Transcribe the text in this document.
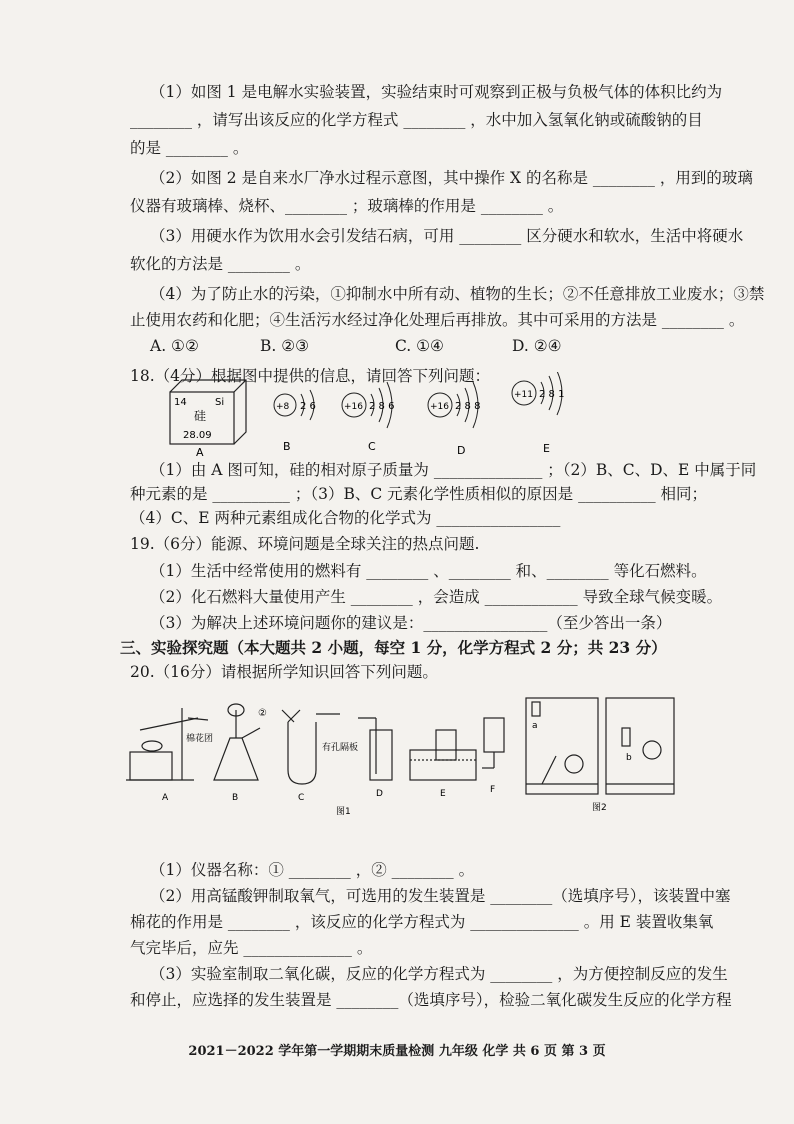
（1）如图 1 是电解水实验装置，实验结束时可观察到正极与负极气体的体积比约为
________ ，请写出该反应的化学方程式 ________ ，水中加入氢氧化钠或硫酸钠的目
的是 ________ 。
（2）如图 2 是自来水厂净水过程示意图，其中操作 X 的名称是 ________ ，用到的玻璃
仪器有玻璃棒、烧杯、________ ；玻璃棒的作用是 ________ 。
（3）用硬水作为饮用水会引发结石病，可用 ________ 区分硬水和软水，生活中将硬水
软化的方法是 ________ 。
（4）为了防止水的污染，①抑制水中所有动、植物的生长；②不任意排放工业废水；③禁
止使用农药和化肥；④生活污水经过净化处理后再排放。其中可采用的方法是 ________ 。
A. ①②	B. ②③	C. ①④	D. ②④
18.（4分）根据图中提供的信息，请回答下列问题：
14	Si
硅
28.09
+8 2 6	+16 2 8 6	+16 2 8 8
+11 2 8 1
A	B	C	D	E
（1）由 A 图可知，硅的相对原子质量为 ______________ ；（2）B、C、D、E 中属于同
种元素的是 __________ ；（3）B、C 元素化学性质相似的原因是 __________ 相同；
（4）C、E 两种元素组成化合物的化学式为 ________________
19.（6分）能源、环境问题是全球关注的热点问题.
（1）生活中经常使用的燃料有 ________ 、________ 和、________ 等化石燃料。
（2）化石燃料大量使用产生 ________ ，会造成 ____________ 导致全球气候变暖。
（3）为解决上述环境问题你的建议是：________________（至少答出一条）
三、实验探究题（本大题共 2 小题，每空 1 分，化学方程式 2 分；共 23 分）
20.（16分）请根据所学知识回答下列问题。
棉花团
A
②
B
有孔隔板
C	D	E	F
图1
a
b
图2
（1）仪器名称：① ________ ，② ________ 。
（2）用高锰酸钾制取氧气，可选用的发生装置是 ________（选填序号），该装置中塞
棉花的作用是 ________ ，该反应的化学方程式为 ______________ 。用 E 装置收集氧
气完毕后，应先 ______________ 。
（3）实验室制取二氧化碳，反应的化学方程式为 ________ ，为方便控制反应的发生
和停止，应选择的发生装置是 ________（选填序号），检验二氧化碳发生反应的化学方程
2021－2022 学年第一学期期末质量检测 九年级 化学 共 6 页 第 3 页
